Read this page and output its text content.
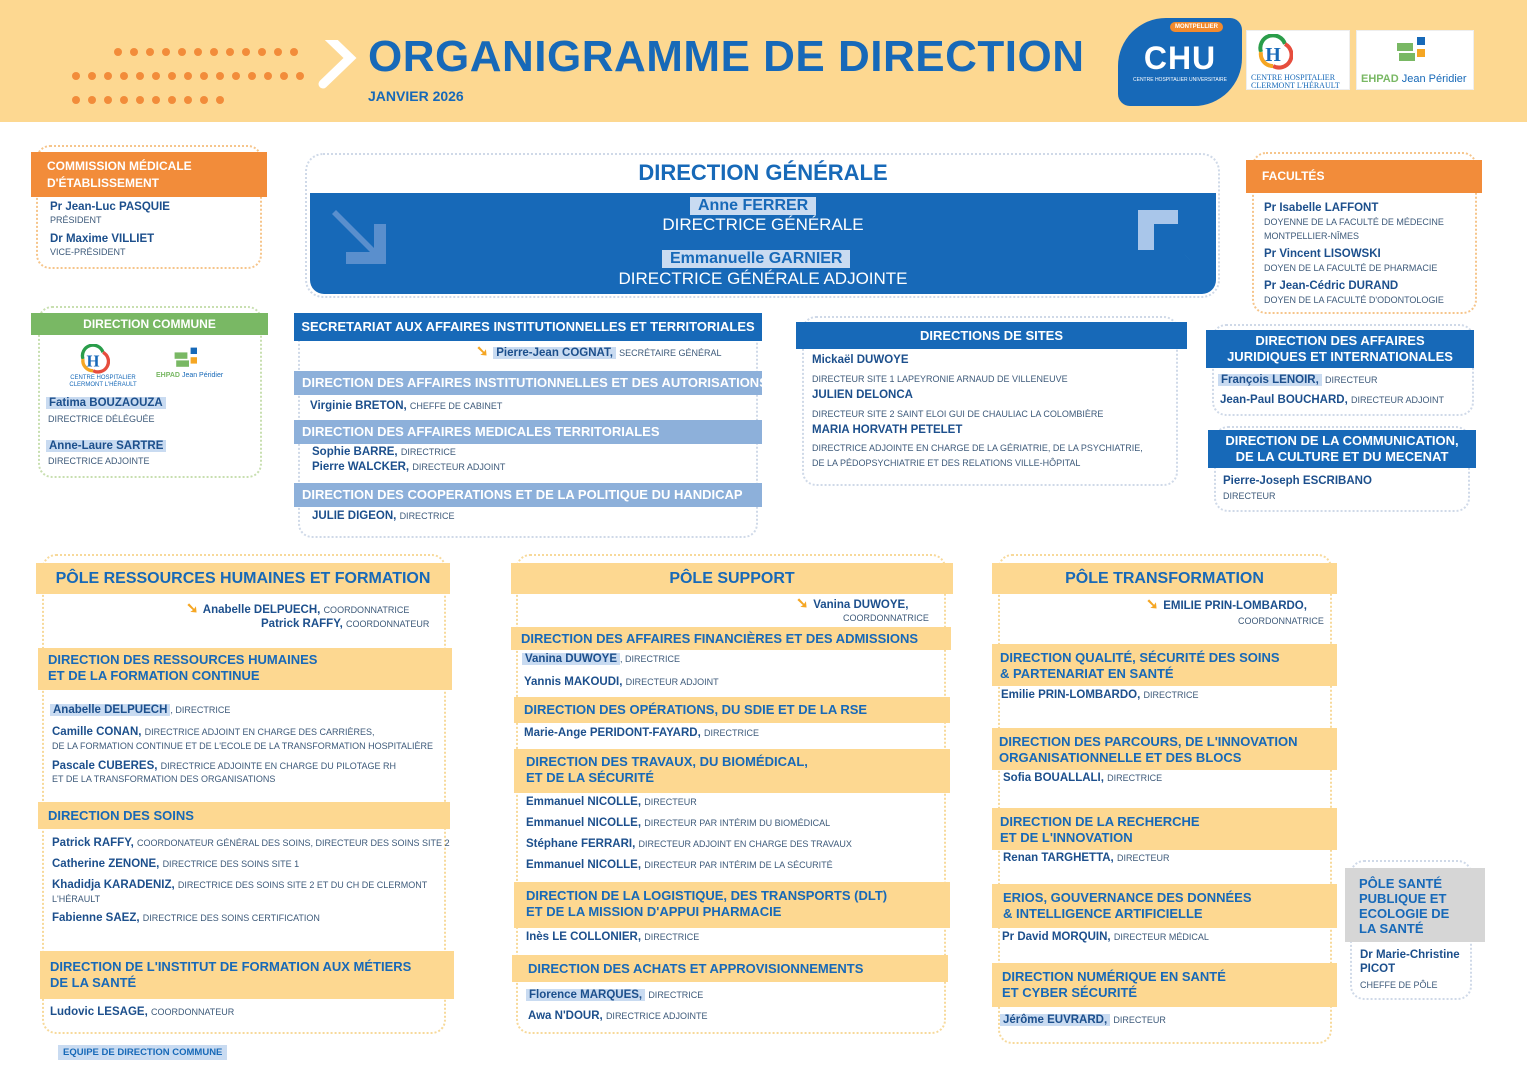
ORGANIGRAMME DE DIRECTION
JANVIER 2026
CHU
CENTRE HOSPITALIER UNIVERSITAIRE
MONTPELLIER
H
CENTRE HOSPITALIER
CLERMONT L'HÉRAULT
EHPAD Jean Péridier
COMMISSION MÉDICALE
D'ÉTABLISSEMENT
Pr Jean-Luc PASQUIE
PRÉSIDENT
Dr Maxime VILLIET
VICE-PRÉSIDENT
DIRECTION GÉNÉRALE
Anne FERRER
DIRECTRICE GÉNÉRALE
Emmanuelle GARNIER
DIRECTRICE GÉNÉRALE ADJOINTE
FACULTÉS
Pr Isabelle LAFFONT
DOYENNE DE LA FACULTÉ DE MÉDECINE
MONTPELLIER-NÎMES
Pr Vincent LISOWSKI
DOYEN DE LA FACULTÉ DE PHARMACIE
Pr Jean-Cédric DURAND
DOYEN DE LA FACULTÉ D'ODONTOLOGIE
DIRECTION COMMUNE
H
CENTRE HOSPITALIER
CLERMONT L'HÉRAULT
EHPAD Jean Péridier
Fatima BOUZAOUZA
DIRECTRICE DÉLÉGUÉE
Anne-Laure SARTRE
DIRECTRICE ADJOINTE
SECRETARIAT AUX AFFAIRES INSTITUTIONNELLES ET TERRITORIALES
➘ Pierre-Jean COGNAT, SECRÉTAIRE GÉNÉRAL
DIRECTION DES AFFAIRES INSTITUTIONNELLES ET DES AUTORISATIONS
Virginie BRETON, CHEFFE DE CABINET
DIRECTION DES AFFAIRES MEDICALES TERRITORIALES
Sophie BARRE, DIRECTRICE
Pierre WALCKER, DIRECTEUR ADJOINT
DIRECTION DES COOPERATIONS ET DE LA POLITIQUE DU HANDICAP
JULIE DIGEON, DIRECTRICE
DIRECTIONS DE SITES
Mickaël DUWOYE
DIRECTEUR SITE 1 LAPEYRONIE ARNAUD DE VILLENEUVE
JULIEN DELONCA
DIRECTEUR SITE 2 SAINT ELOI GUI DE CHAULIAC LA COLOMBIÈRE
MARIA HORVATH PETELET
DIRECTRICE ADJOINTE EN CHARGE DE LA GÉRIATRIE, DE LA PSYCHIATRIE,
DE LA PÉDOPSYCHIATRIE ET DES RELATIONS VILLE-HÔPITAL
DIRECTION DES AFFAIRES
JURIDIQUES ET INTERNATIONALES
François LENOIR, DIRECTEUR
Jean-Paul BOUCHARD, DIRECTEUR ADJOINT
DIRECTION DE LA COMMUNICATION,
DE LA CULTURE ET DU MECENAT
Pierre-Joseph ESCRIBANO
DIRECTEUR
PÔLE RESSOURCES HUMAINES ET FORMATION
➘ Anabelle DELPUECH, COORDONNATRICE
Patrick RAFFY, COORDONNATEUR
DIRECTION DES RESSOURCES HUMAINES
ET DE LA FORMATION CONTINUE
Anabelle DELPUECH , DIRECTRICE
Camille CONAN, DIRECTRICE ADJOINT EN CHARGE DES CARRIÈRES,
DE LA FORMATION CONTINUE ET DE L'ECOLE DE LA TRANSFORMATION HOSPITALIÈRE
Pascale CUBERES, DIRECTRICE ADJOINTE EN CHARGE DU PILOTAGE RH
ET DE LA TRANSFORMATION DES ORGANISATIONS
DIRECTION DES SOINS
Patrick RAFFY, COORDONATEUR GÉNÉRAL DES SOINS, DIRECTEUR DES SOINS SITE 2
Catherine ZENONE, DIRECTRICE DES SOINS SITE 1
Khadidja KARADENIZ, DIRECTRICE DES SOINS SITE 2 ET DU CH DE CLERMONT
L'HÉRAULT
Fabienne SAEZ, DIRECTRICE DES SOINS CERTIFICATION
DIRECTION DE L'INSTITUT DE FORMATION AUX MÉTIERS
DE LA SANTÉ
Ludovic LESAGE, COORDONNATEUR
PÔLE SUPPORT
➘ Vanina DUWOYE,
COORDONNATRICE
DIRECTION DES AFFAIRES FINANCIÈRES ET DES ADMISSIONS
Vanina DUWOYE , DIRECTRICE
Yannis MAKOUDI, DIRECTEUR ADJOINT
DIRECTION DES OPÉRATIONS, DU SDIE ET DE LA RSE
Marie-Ange PERIDONT-FAYARD, DIRECTRICE
DIRECTION DES TRAVAUX, DU BIOMÉDICAL,
ET DE LA SÉCURITÉ
Emmanuel NICOLLE, DIRECTEUR
Emmanuel NICOLLE, DIRECTEUR PAR INTÉRIM DU BIOMÉDICAL
Stéphane FERRARI, DIRECTEUR ADJOINT EN CHARGE DES TRAVAUX
Emmanuel NICOLLE, DIRECTEUR PAR INTÉRIM DE LA SÉCURITÉ
DIRECTION DE LA LOGISTIQUE, DES TRANSPORTS (DLT)
ET DE LA MISSION D'APPUI PHARMACIE
Inès LE COLLONIER, DIRECTRICE
DIRECTION DES ACHATS ET APPROVISIONNEMENTS
Florence MARQUES, DIRECTRICE
Awa N'DOUR, DIRECTRICE ADJOINTE
PÔLE TRANSFORMATION
➘ EMILIE PRIN-LOMBARDO,
COORDONNATRICE
DIRECTION QUALITÉ, SÉCURITÉ DES SOINS
& PARTENARIAT EN SANTÉ
Emilie PRIN-LOMBARDO, DIRECTRICE
DIRECTION DES PARCOURS, DE L'INNOVATION
ORGANISATIONNELLE ET DES BLOCS
Sofia BOUALLALI, DIRECTRICE
DIRECTION DE LA RECHERCHE
ET DE L'INNOVATION
Renan TARGHETTA, DIRECTEUR
ERIOS, GOUVERNANCE DES DONNÉES
& INTELLIGENCE ARTIFICIELLE
Pr David MORQUIN, DIRECTEUR MÉDICAL
DIRECTION NUMÉRIQUE EN SANTÉ
ET CYBER SÉCURITÉ
Jérôme EUVRARD, DIRECTEUR
PÔLE SANTÉ
PUBLIQUE ET
ECOLOGIE DE
LA SANTÉ
Dr Marie-Christine
PICOT
CHEFFE DE PÔLE
EQUIPE DE DIRECTION COMMUNE
